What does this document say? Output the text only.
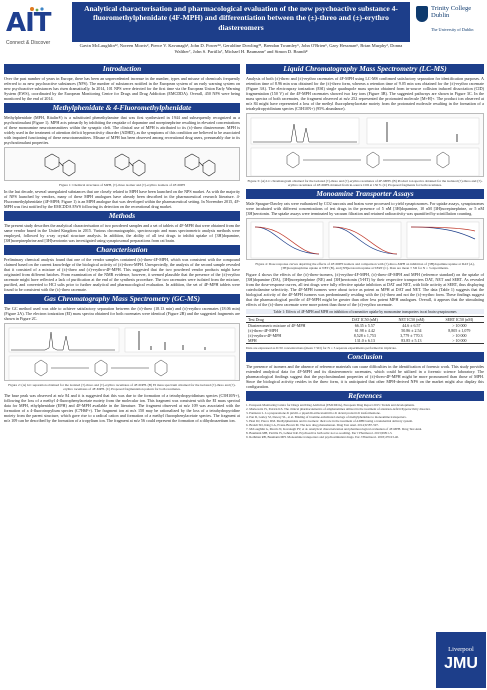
AIT
Connect & Discover
Analytical characterisation and pharmacological evaluation of the new psychoactive substance 4-fluoromethylphenidate (4F-MPH) and differentiation between the (±)-threo and (±)-erythro diastereomers
Gavin McLaughlin¹², Noreen Morris², Pierce V. Kavanagh³, John D. Power³⁴, Geraldine Dowling³⁵, Brendan Twamley⁶, John O'Brien⁶, Gary Hessman⁶, Brian Murphy², Donna Walther⁷, John S. Partilla⁷, Michael H. Baumann⁷ and Simon D. Brandt⁸
Trinity College Dublin
The University of Dublin
Introduction
Over the past number of years in Europe, there has been an unprecedented increase in the number, types and misuse of chemicals frequently referred to as new psychoactive substances (NPS). The number of substances notified in the European system of an early warning system on new psychoactive substances has risen dramatically. In 2014, 101 NPS were detected for the first time via the European Union Early Warning System (EWS), coordinated by the European Monitoring Centre for Drugs and Drug Addiction (EMCDDA). Overall, 450 NPS were being monitored by the end of 2014.
Methylphenidate & 4-Fluoromethylphenidate
Methylphenidate (MPH, Ritalin®) is a substituted phenethylamine that was first synthesized in 1944 and subsequently recognized as a psychostimulant (Figure 1). MPH acts primarily by inhibiting the reuptake of dopamine and norepinephrine resulting in elevated concentrations of these monoamine neurotransmitters within the synaptic cleft. The clinical use of MPH is attributed to its (±)-threo diastereomer. MPH is widely used in the treatment of attention deficit hyperactivity disorder (ADHD), as the symptoms of this condition are believed to be associated with impaired functioning of these neurotransmitters. Misuse of MPH has been observed among recreational drug users, presumably due to its psychostimulant properties.
Figure 1: Chemical structures of MPH, (±)-threo isomer and (±)-erythro isomers of 4F-MPH
In the last decade, several unregulated substances that are closely related to MPH have been launched on the NPS market. As with the majority of NPS launched by vendors, many of these MPH analogues have already been described in the pharmaceutical research literature. 4-Fluoromethylphenidate (4F-MPH; Figure 1) is an MPH analogue that was developed within the pharmaceutical setting. In November 2015, 4F-MPH was first notified by the EMCDDA EWS following its detection on the recreational drug market.
Methods
The present study describes the analytical characterisation of two powdered samples and a set of tablets of 4F-MPH that were obtained from the same vendor based in the United Kingdom in 2015. Various chromatographic, spectroscopic and mass spectrometric analysis methods were employed, followed by x-ray crystal structure analysis. In addition, the ability of all test drugs to inhibit uptake of [3H]dopamine, [3H]norepinephrine and [3H]serotonin was investigated using synaptosomal preparations from rat brain.
Characterisation
Preliminary chemical analysis found that one of the vendor samples contained (±)-threo-4F-MPH, which was consistent with the compound claimed based on the current knowledge of the biological activity of (±)-threo-MPH. Unexpectedly, the analysis of the second sample revealed that it consisted of a mixture of (±)-threo and (±)-erythro-4F-MPH. This suggested that the two powdered vendor products might have originated from different batches. From examination of the NMR evidence, however, it seemed plausible that the presence of the (±)-erythro racemate might have reflected a lack of purification at the end of the synthesis procedure. The two racemates were isolated from the mixture, purified, and converted to HCl salts prior to further analytical and pharmacological evaluation. In addition, the set of 4F-MPH tablets were found to be consistent with the (±)-threo racemate.
Gas Chromatography Mass Spectrometry (GC-MS)
The GC method used was able to achieve satisfactory separation between the (±)-threo (18.13 min) and (±)-erythro racemates (18.06 min) (Figure 2A). The electron ionization (EI) mass spectra obtained for both racemates were identical (Figure 2B) and the suggested fragments are shown in Figure 2C.
Figure 2: (A) GC separation obtained for the isolated (±)-threo and (±)-erythro racemates of 4F-MPH. (B) EI mass spectrum obtained for the isolated (±)-threo and (±)-erythro racemates of 4F-MPH. (C) Proposed fragmentation pattern for both racemates.
The base peak was observed at m/z 84 and it is suggested that this was due to the formation of a tetrahydropyridinium species (C5H10N+), following the loss of a methyl 4-fluorophenylacetate moiety from the molecular ion. This fragment was consistent with the EI mass spectral data for MPH, ethylphenidate (EPH) and 4F-MPH available in the literature. The fragment observed at m/z 109 was associated with the formation of a 4-fluorotropylium species (C7H6F+). The fragment ion at m/z 150 may be rationalized by the loss of a tetrahydropyridine moiety from the parent structure, which gave rise to a radical cation and formation of a methyl fluorophenylacetate species. The fragment at m/z 109 can be described by the formation of a tropylium ion. The fragment at m/z 56 could represent the formation of a dihydroazetium ion.
Liquid Chromatography Mass Spectrometry (LC-MS)
Analysis of both (±)-threo and (±)-erythro racemates of 4F-MPH using LC-MS confirmed satisfactory separation for identification purposes. A retention time of 8.96 min was obtained for the (±)-threo form, whereas a retention time of 9.05 min was obtained for the (±)-erythro racemate (Figure 3A). The electrospray ionization (ESI) single quadrupole mass spectra obtained from in-source collision induced dissociation (CID) fragmentation (150 V) of the 4F-MPH racemates showed two key ions (Figure 3B). The suggested pathways are shown in Figure 3C. In the mass spectra of both racemates, the fragment observed at m/z 252 represented the protonated molecule [M+H]+. The product ion observed at m/z 84 might have represented a loss of the methyl fluorophenylacetate moiety from the protonated molecule resulting in the formation of a tetrahydropyridinium species (C5H10N+) (95% abundance).
Figure 3: (A) LC chromatogram obtained for the isolated (±)-threo and (±)-erythro racemates of 4F-MPH. (B) Product ion spectra obtained for the isolated (±)-threo and (±)-erythro racemates of 4F-MPH obtained from in-source CID at 150 V. (C) Proposed fragments for both racemates.
Monoamine Transporter Assays
Male Sprague-Dawley rats were euthanized by CO2 narcosis and brains were processed to yield synaptosomes. For uptake assays, synaptosomes were incubated with different concentrations of test drugs in the presence of 5 nM [3H]dopamine, 10 nM [3H]norepinephrine, or 5 nM [3H]serotonin. The uptake assays were terminated by vacuum filtration and retained radioactivity was quantified by scintillation counting.
Figure 4: Dose response curves depicting the effects of 4F-MPH isomers and comparison with (±)-threo-MPH on inhibition of [3H]dopamine uptake at DAT (A), [3H]norepinephrine uptake at NET (B), and [3H]serotonin uptake at SERT (C). Data are mean ± SD for N = 3 experiments.
Figure 4 shows the effects of the (±)-threo-isomers, (±)-erythro-4F-MPH, (±)-threo-4F-MPH and MPH (reference standard) on the uptake of [3H]dopamine (DA), [3H]norepinephrine (NE) and [3H]serotonin (5-HT) by their respective transporters DAT, NET and SERT. As revealed from the dose-response curves, all test drugs were fully effective uptake inhibitors at DAT and NET, with little activity at SERT, thus displaying catecholamine selectivity. The 4F-MPH isomers were about twice as potent as MPH at DAT and NET. The data (Table 1) suggests that the biological activity of the 4F-MPH isomers was predominantly residing with the (±)-threo and not the (±)-erythro form. These findings suggest that the pharmacological profile of 4F-MPH might be greater than other less potent MPH analogues. Overall, it appears that the stimulating effects of the (±)-threo racemate were more potent than those of the (±)-erythro racemate.
Table 1: Effects of 4F-MPH and MPH on inhibition of transmitter uptake by monoamine transporters in rat brain synaptosomes
Test Drug	DAT IC50 (nM)	NET IC50 (nM)	SERT IC50 (nM)
Diastereomeric mixture of 4F-MPH	66.35 ± 5.57	44.6 ± 6.57	> 10 000
(±)-threo-4F-MPH	61.98 ± 4.42	50.86 ± 2.54	8,805 ± 1,079
(±)-erythro-4F-MPH	8,528 ± 1,753	3,779 ± 770.3	> 10 000
MPH	131.0 ± 6.13	83.85 ± 5.13	> 10 000
Data are expressed as IC50 concentrations (mean ± SD) for N = 3 separate experiments performed in triplicate.
Conclusion
The presence of isomers and the absence of reference materials can cause difficulties in the identification of forensic work. This study provides extended analytical data for 4F-MPH and its diastereomeric racemates, which could be utilized in a forensic science laboratory. The pharmacological findings suggest that the psychostimulant properties of (±)-threo-4F-MPH might be more pronounced than those of MPH. Since the biological activity resides in the threo form, it is anticipated that other MPH-derived NPS on the market might also display this configuration.
References
1. European Monitoring Centre for Drugs and Drug Addiction (EMCDDA), European Drug Report 2015: Trends and developments.
2. Markowitz JS, Patrick KS. The clinical pharmacokinetics of amphetamines utilized in the treatment of attention-deficit/hyperactivity disorder.
3. Panizzon L. La preparazione di piridil- e piperidil-arilacetonitrili e di alcuni prodotti di trasformazione.
4. Pan D, Gatley SJ, Dewey SL, et al. Binding of bromine-substituted analogs of methylphenidate to monoamine transporters.
5. Heal DJ, Pierce DM. Methylphenidate and its isomers: their role in the treatment of ADHD using a transdermal delivery system.
6. Brandt SD, King LA, Evans-Brown M. The new drug phenomenon. Drug Test Anal. 2014;6:587-597.
7. McLaughlin G, Morris N, Kavanagh PV, et al. Analytical characterization and pharmacological evaluation of 4F-MPH. Drug Test Anal.
8. Baumann MH, Partilla JS, Lehner KR. Psychoactive bath salts: not so soothing. Eur J Pharmacol. 2013;698:1-5.
9. Rothman RB, Baumann MH. Monoamine transporters and psychostimulant drugs. Eur J Pharmacol. 2003;479:23-40.
Liverpool
JMU
